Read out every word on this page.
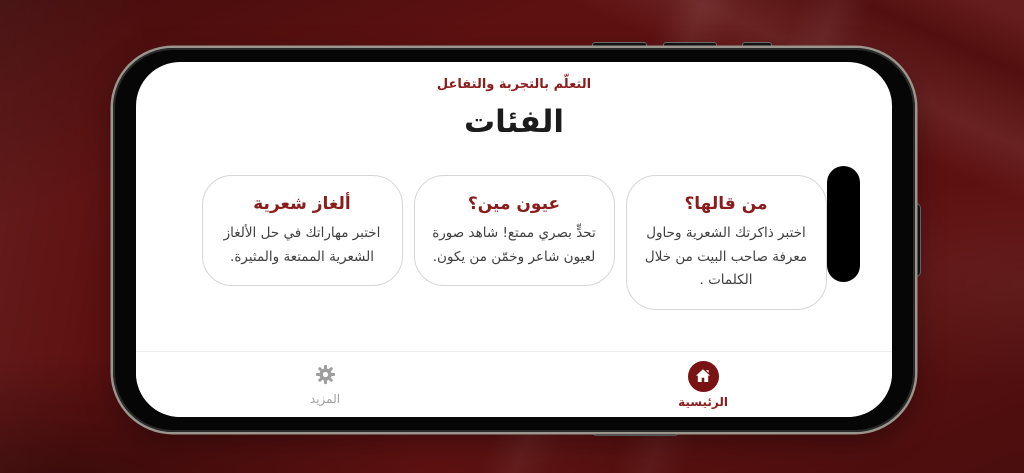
التعلّم بالتجربة والتفاعل
الفئات
من قالها؟
اختبر ذاكرتك الشعرية وحاول معرفة صاحب البيت من خلال الكلمات .
عيون مين؟
تحدٍّ بصري ممتع! شاهد صورة لعيون شاعر وخمّن من يكون.
ألغاز شعرية
اختبر مهاراتك في حل الألغاز الشعرية الممتعة والمثيرة.
الرئيسية
المزيد
